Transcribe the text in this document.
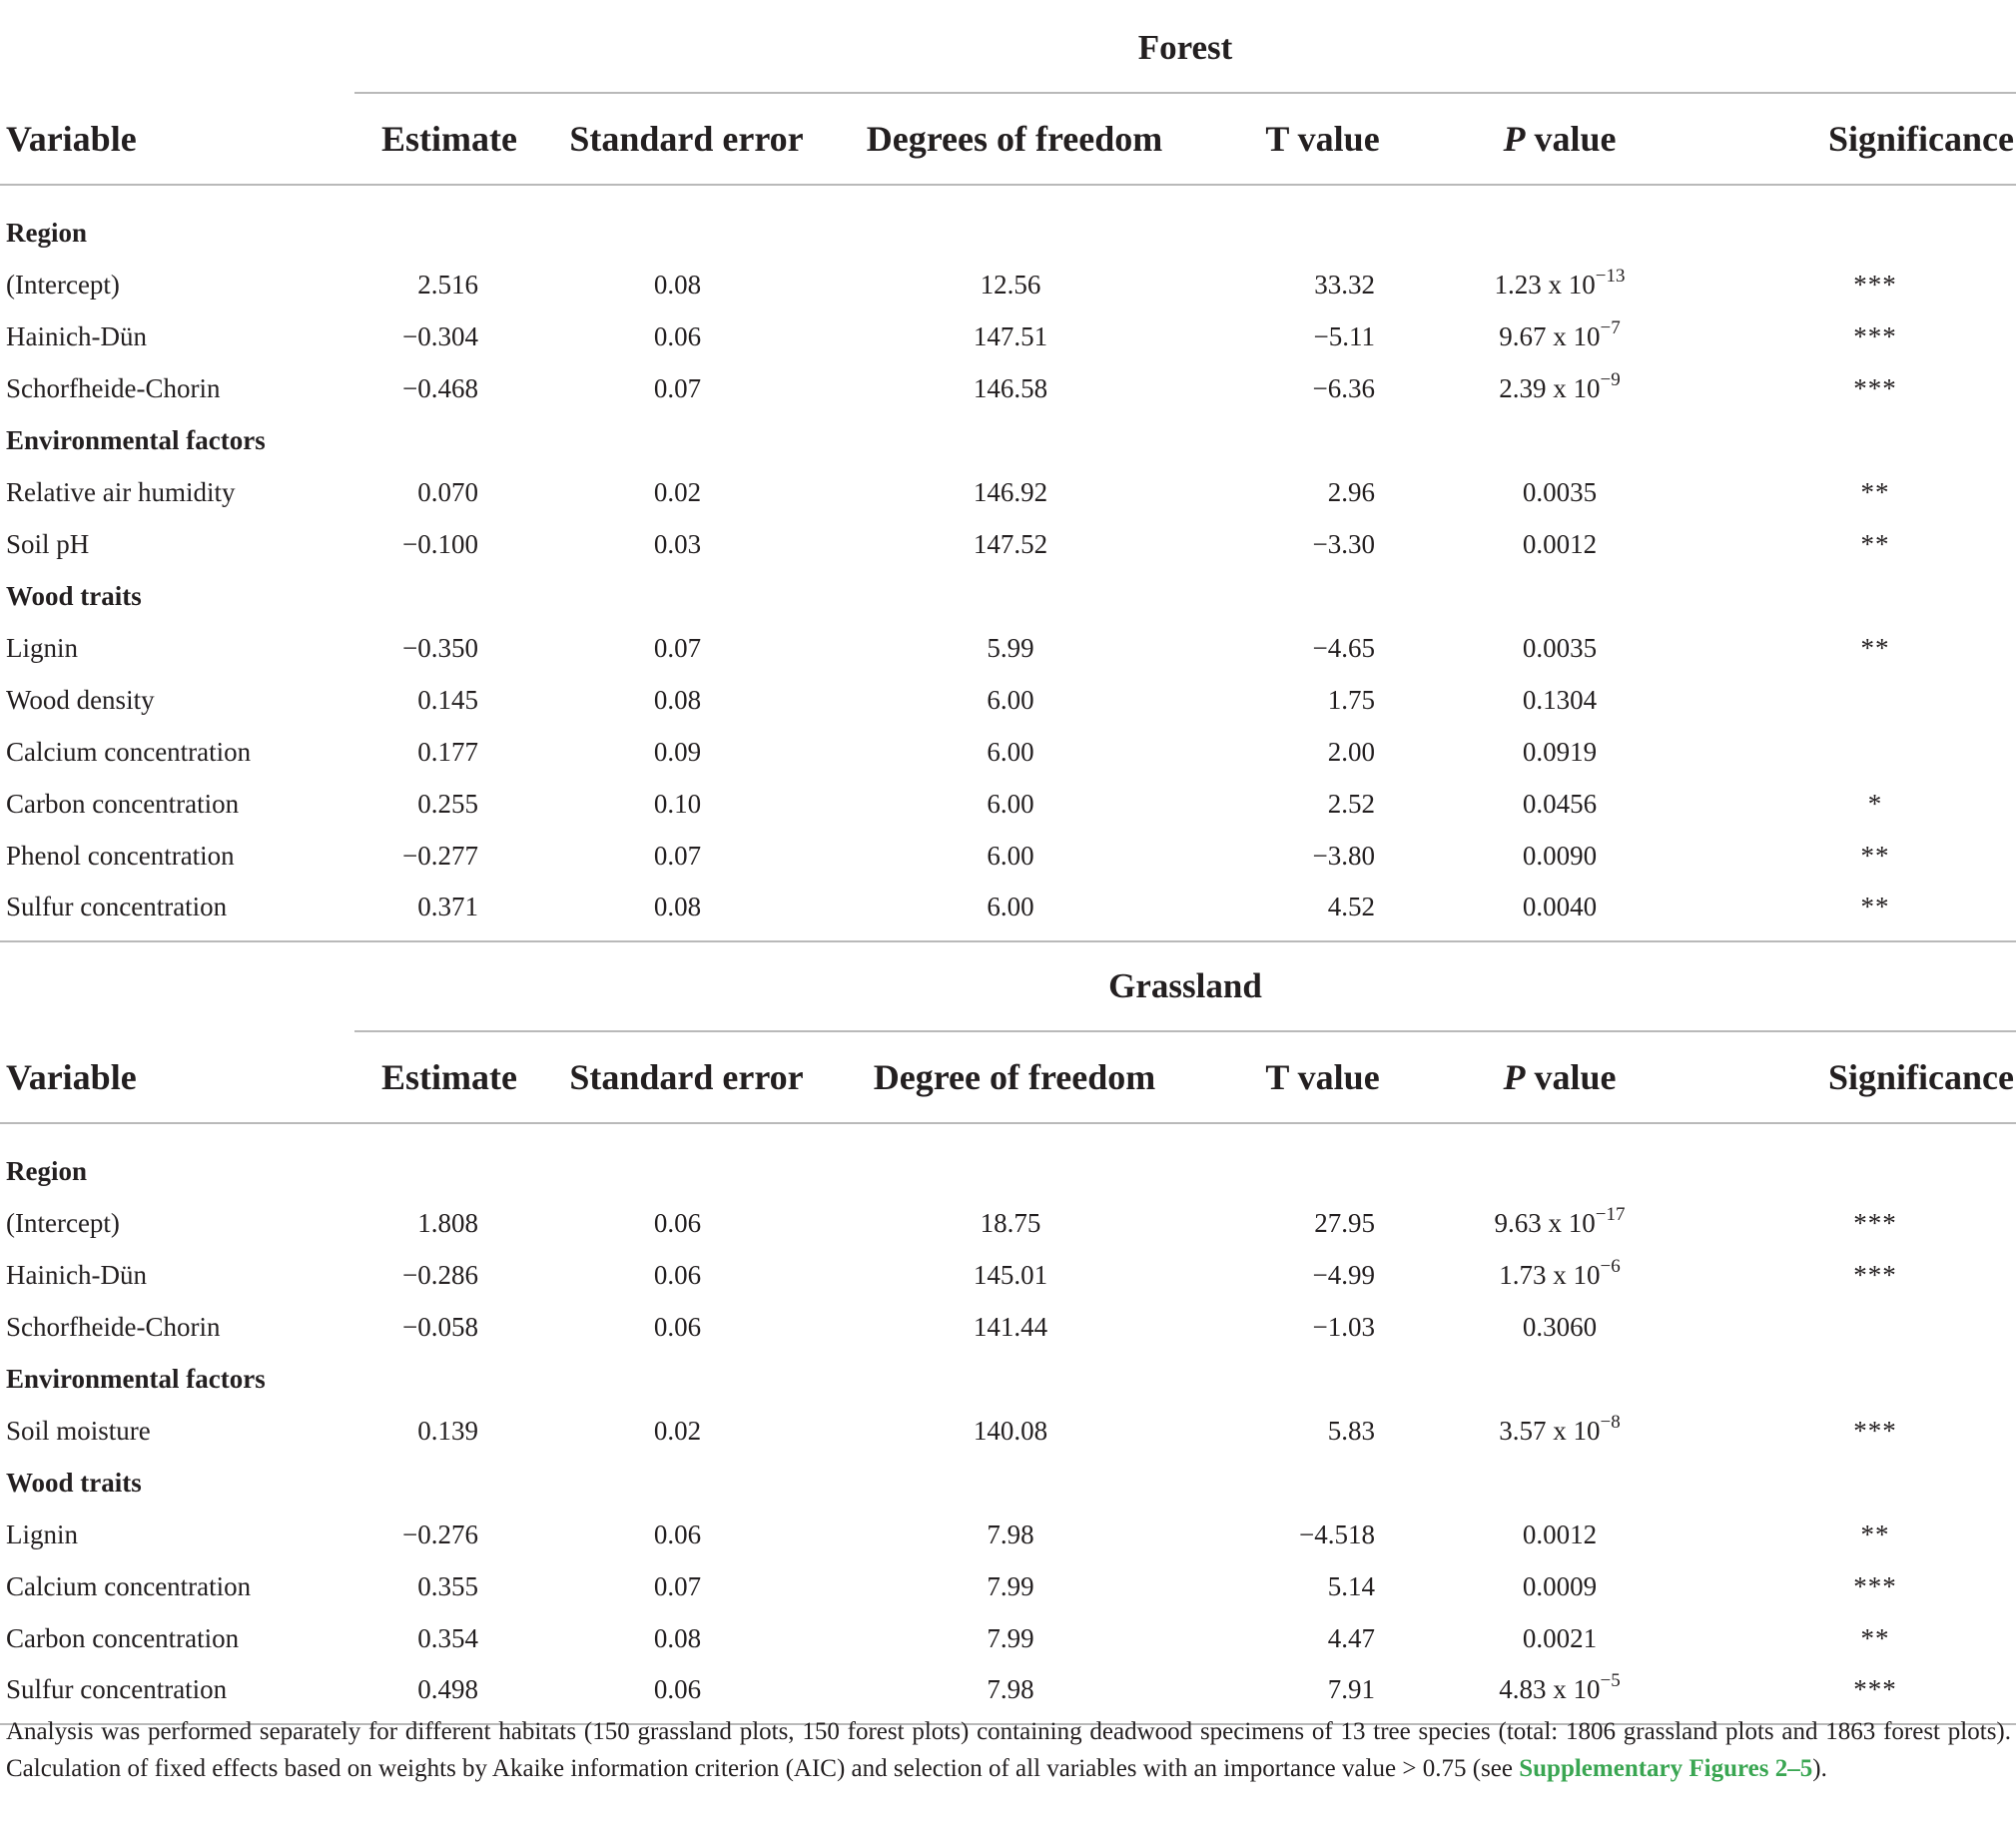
	Forest					
Variable	Estimate	Standard error	Degrees of freedom	T value	P value	Significance
Region						
(Intercept)	2.516	0.08	12.56	33.32	1.23 x $10^{-13}$	***
Hainich-Dün	−0.304	0.06	147.51	−5.11	9.67 x $10^{-7}$	***
Schorfheide-Chorin	−0.468	0.07	146.58	−6.36	2.39 x $10^{-9}$	***
Environmental factors						
Relative air humidity	0.070	0.02	146.92	2.96	0.0035	**
Soil pH	−0.100	0.03	147.52	−3.30	0.0012	**
Wood traits						
Lignin	−0.350	0.07	5.99	−4.65	0.0035	**
Wood density	0.145	0.08	6.00	1.75	0.1304	
Calcium concentration	0.177	0.09	6.00	2.00	0.0919	
Carbon concentration	0.255	0.10	6.00	2.52	0.0456	*
Phenol concentration	−0.277	0.07	6.00	−3.80	0.0090	**
Sulfur concentration	0.371	0.08	6.00	4.52	0.0040	**
	Grassland					
Variable	Estimate	Standard error	Degree of freedom	T value	P value	Significance
Region						
(Intercept)	1.808	0.06	18.75	27.95	9.63 x $10^{-17}$	***
Hainich-Dün	−0.286	0.06	145.01	−4.99	1.73 x $10^{-6}$	***
Schorfheide-Chorin	−0.058	0.06	141.44	−1.03	0.3060	
Environmental factors						
Soil moisture	0.139	0.02	140.08	5.83	3.57 x $10^{-8}$	***
Wood traits						
Lignin	−0.276	0.06	7.98	−4.518	0.0012	**
Calcium concentration	0.355	0.07	7.99	5.14	0.0009	***
Carbon concentration	0.354	0.08	7.99	4.47	0.0021	**
Sulfur concentration	0.498	0.06	7.98	7.91	4.83 x $10^{-5}$	***
Analysis was performed separately for different habitats (150 grassland plots, 150 forest plots) containing deadwood specimens of 13 tree species (total: 1806 grassland plots and 1863 forest plots). Calculation of fixed effects based on weights by Akaike information criterion (AIC) and selection of all variables with an importance value > 0.75 (see Supplementary Figures 2–5).
